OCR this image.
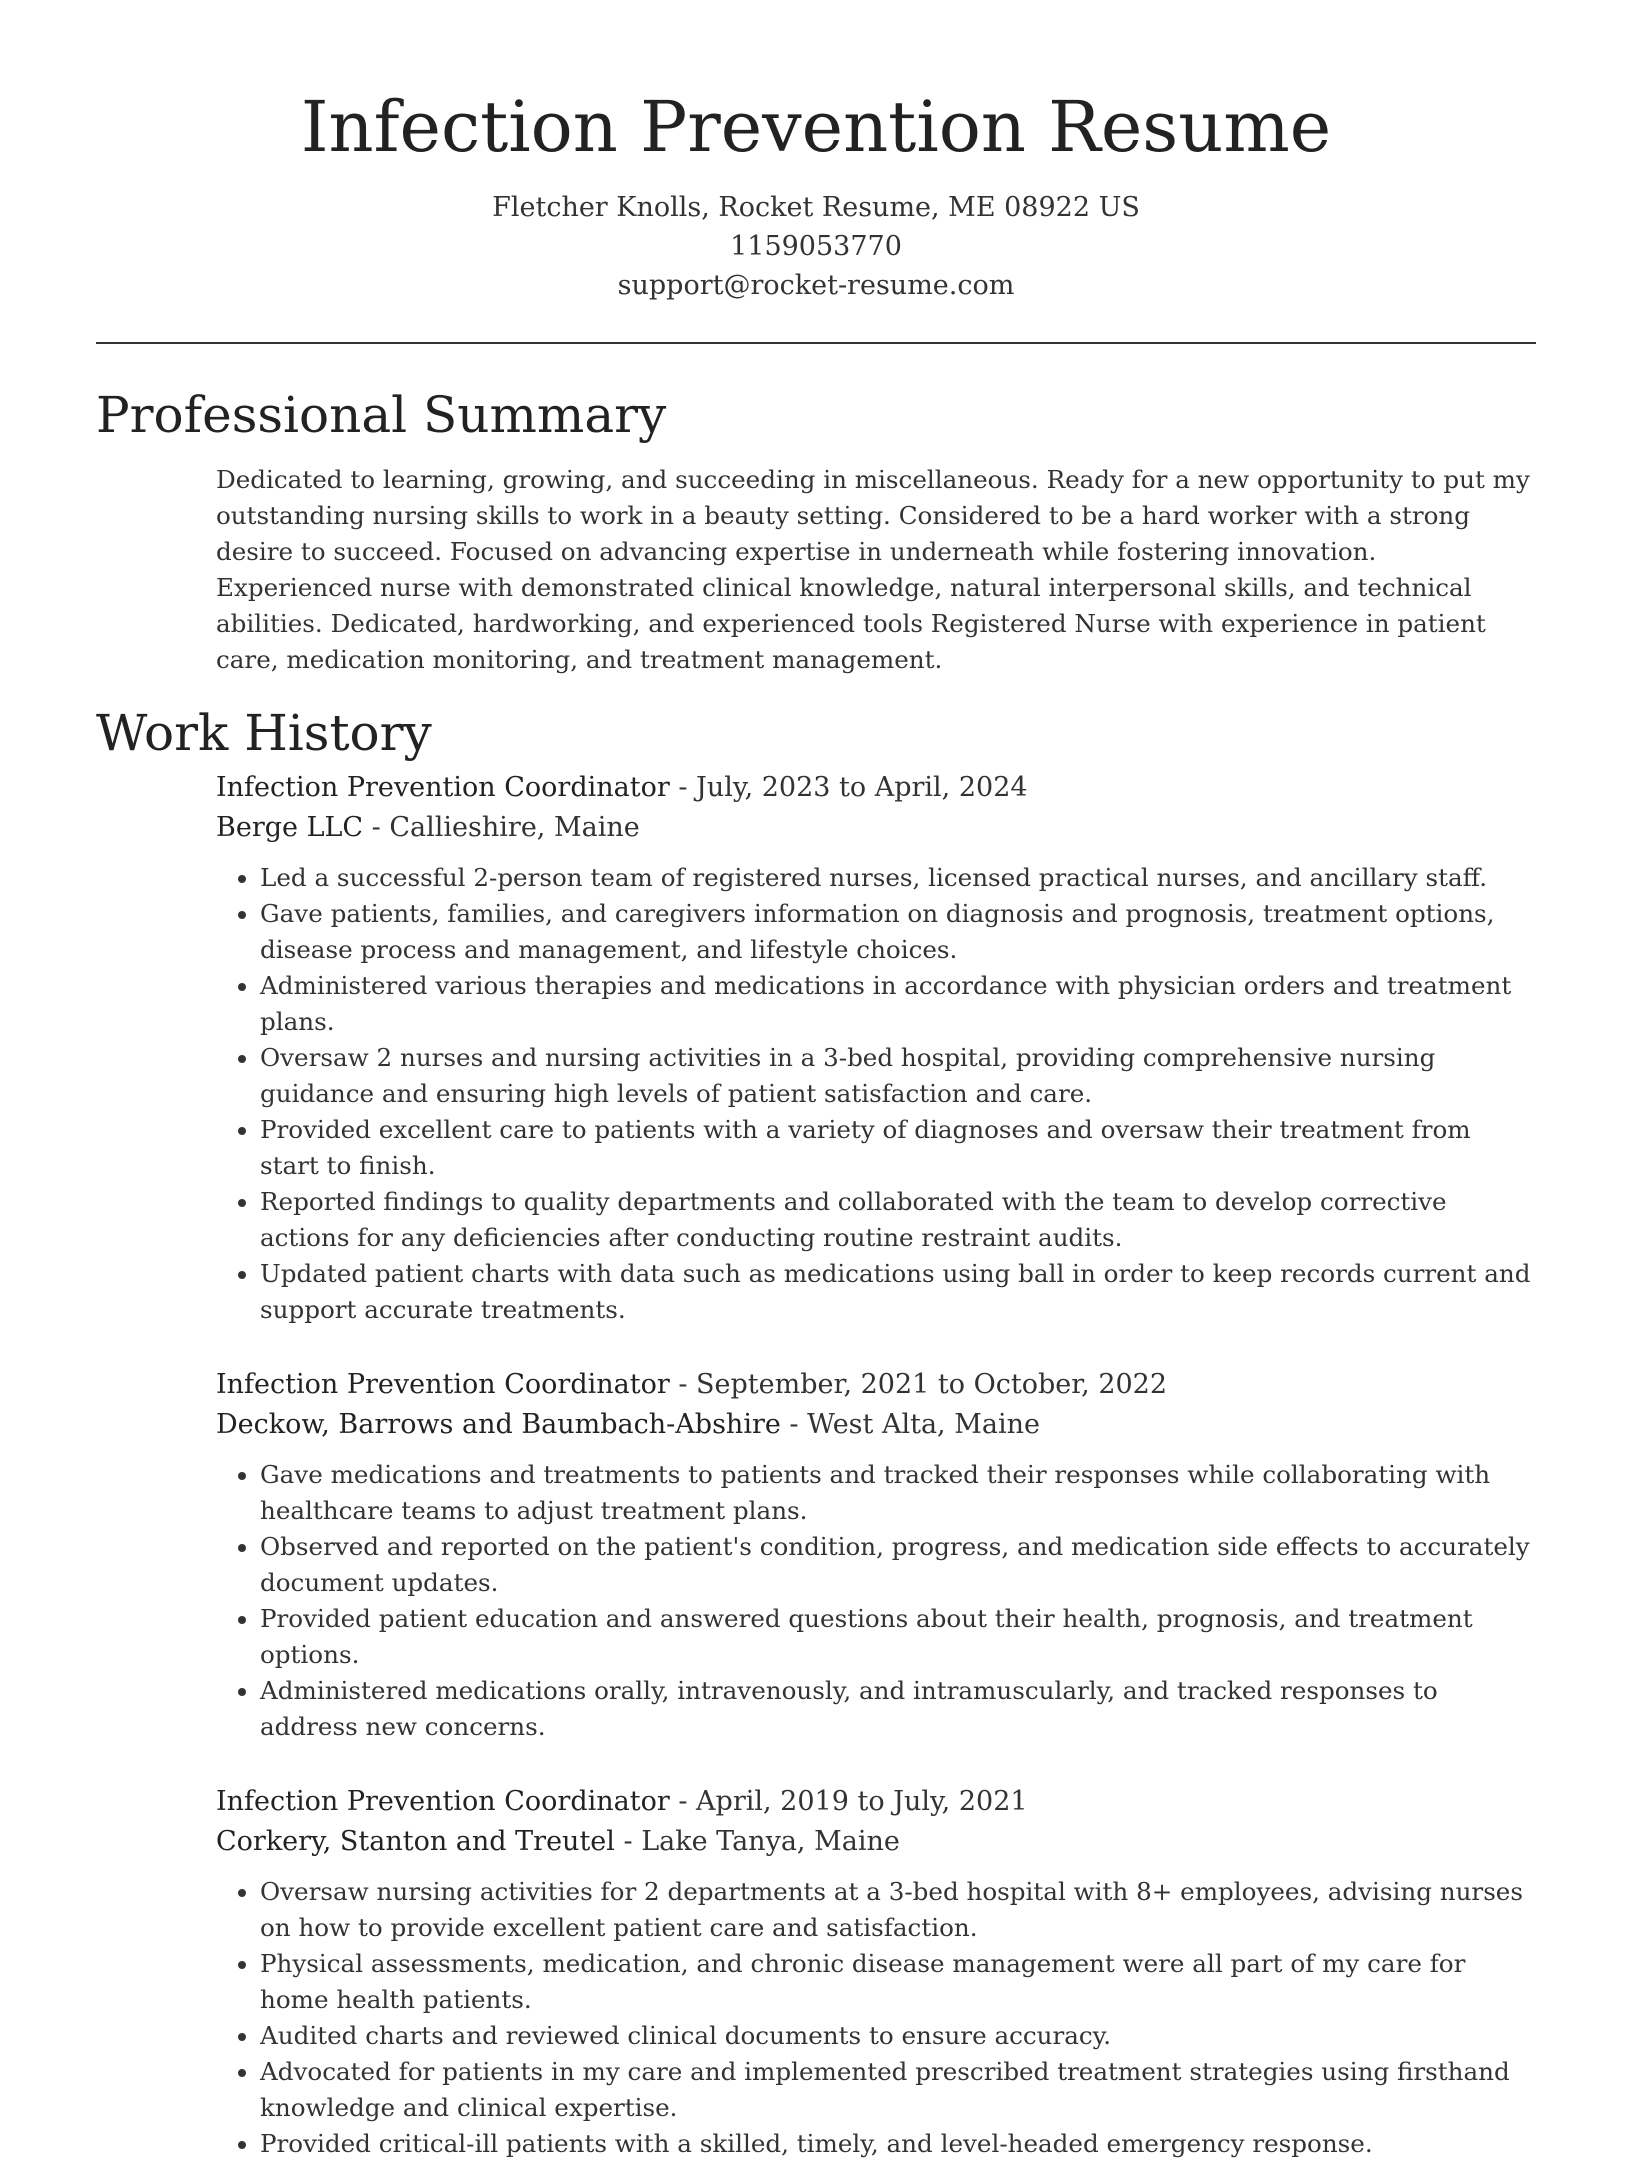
Infection Prevention Resume
Fletcher Knolls, Rocket Resume, ME 08922 US
1159053770
support@rocket-resume.com
Professional Summary

Dedicated to learning, growing, and succeeding in miscellaneous. Ready for a new opportunity to put my outstanding nursing skills to work in a beauty setting. Considered to be a hard worker with a strong desire to succeed. Focused on advancing expertise in underneath while fostering innovation. Experienced nurse with demonstrated clinical knowledge, natural interpersonal skills, and technical abilities. Dedicated, hardworking, and experienced tools Registered Nurse with experience in patient care, medication monitoring, and treatment management.

Work History
Infection Prevention Coordinator - July, 2023 to April, 2024
Berge LLC - Callieshire, Maine
• Led a successful 2-person team of registered nurses, licensed practical nurses, and ancillary staff.
• Gave patients, families, and caregivers information on diagnosis and prognosis, treatment options, disease process and management, and lifestyle choices.
• Administered various therapies and medications in accordance with physician orders and treatment plans.
• Oversaw 2 nurses and nursing activities in a 3-bed hospital, providing comprehensive nursing guidance and ensuring high levels of patient satisfaction and care.
• Provided excellent care to patients with a variety of diagnoses and oversaw their treatment from start to finish.
• Reported findings to quality departments and collaborated with the team to develop corrective actions for any deficiencies after conducting routine restraint audits.
• Updated patient charts with data such as medications using ball in order to keep records current and support accurate treatments.
Infection Prevention Coordinator - September, 2021 to October, 2022
Deckow, Barrows and Baumbach-Abshire - West Alta, Maine
• Gave medications and treatments to patients and tracked their responses while collaborating with healthcare teams to adjust treatment plans.
• Observed and reported on the patient's condition, progress, and medication side effects to accurately document updates.
• Provided patient education and answered questions about their health, prognosis, and treatment options.
• Administered medications orally, intravenously, and intramuscularly, and tracked responses to address new concerns.
Infection Prevention Coordinator - April, 2019 to July, 2021
Corkery, Stanton and Treutel - Lake Tanya, Maine
• Oversaw nursing activities for 2 departments at a 3-bed hospital with 8+ employees, advising nurses on how to provide excellent patient care and satisfaction.
• Physical assessments, medication, and chronic disease management were all part of my care for home health patients.
• Audited charts and reviewed clinical documents to ensure accuracy.
• Advocated for patients in my care and implemented prescribed treatment strategies using firsthand knowledge and clinical expertise.
• Provided critical-ill patients with a skilled, timely, and level-headed emergency response.
